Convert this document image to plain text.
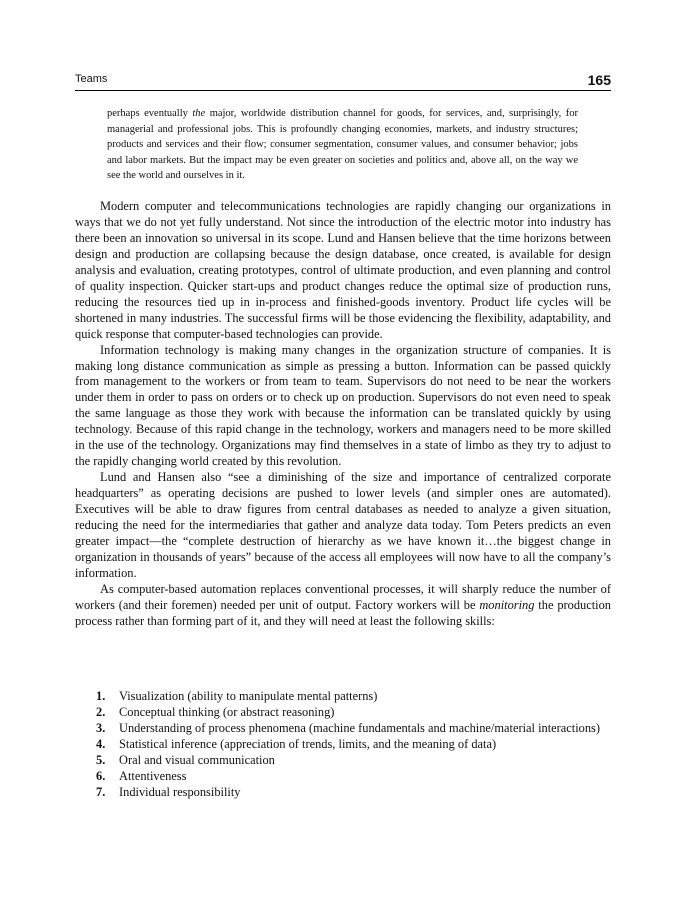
Teams	165
perhaps eventually the major, worldwide distribution channel for goods, for services, and, surprisingly, for managerial and professional jobs. This is profoundly changing economies, markets, and industry structures; products and services and their flow; consumer segmentation, consumer values, and consumer behavior; jobs and labor markets. But the impact may be even greater on societies and politics and, above all, on the way we see the world and ourselves in it.

Modern computer and telecommunications technologies are rapidly changing our organizations in ways that we do not yet fully understand. Not since the introduction of the electric motor into industry has there been an innovation so universal in its scope. Lund and Hansen believe that the time horizons between design and production are collapsing because the design database, once created, is available for design analysis and evaluation, creating prototypes, control of ultimate production, and even planning and control of quality inspection. Quicker start-ups and product changes reduce the optimal size of production runs, reducing the resources tied up in in-process and finished-goods inventory. Product life cycles will be shortened in many industries. The successful firms will be those evidencing the flexibility, adaptability, and quick response that computer-based technologies can provide.

Information technology is making many changes in the organization structure of companies. It is making long distance communication as simple as pressing a button. Information can be passed quickly from management to the workers or from team to team. Supervisors do not need to be near the workers under them in order to pass on orders or to check up on production. Supervisors do not even need to speak the same language as those they work with because the information can be translated quickly by using technology. Because of this rapid change in the technology, workers and managers need to be more skilled in the use of the technology. Organizations may find themselves in a state of limbo as they try to adjust to the rapidly changing world created by this revolution.

Lund and Hansen also “see a diminishing of the size and importance of centralized corporate headquarters” as operating decisions are pushed to lower levels (and simpler ones are automated). Executives will be able to draw figures from central databases as needed to analyze a given situation, reducing the need for the intermediaries that gather and analyze data today. Tom Peters predicts an even greater impact—the “complete destruction of hierarchy as we have known it…the biggest change in organization in thousands of years” because of the access all employees will now have to all the company’s information.

As computer-based automation replaces conventional processes, it will sharply reduce the number of workers (and their foremen) needed per unit of output. Factory workers will be monitoring the production process rather than forming part of it, and they will need at least the following skills:

1. Visualization (ability to manipulate mental patterns)
2. Conceptual thinking (or abstract reasoning)
3. Understanding of process phenomena (machine fundamentals and machine/material interactions)
4. Statistical inference (appreciation of trends, limits, and the meaning of data)
5. Oral and visual communication
6. Attentiveness
7. Individual responsibility
